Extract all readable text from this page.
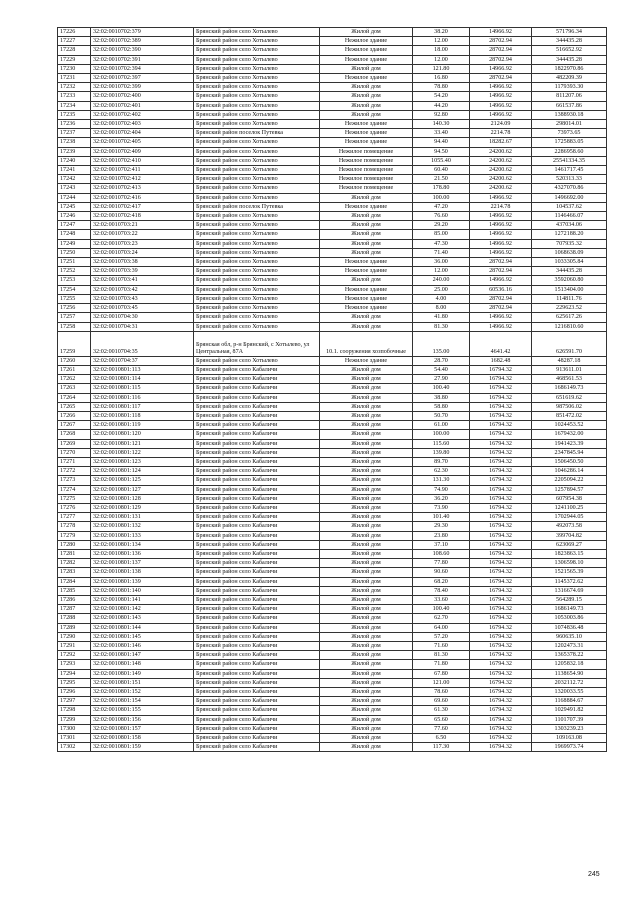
17226	32:02:0010702:379	Брянский район село Хотылево	Жилой дом	38.20	14966.92	571796.34
17227	32:02:0010702:389	Брянский район село Хотылево	Нежилое здание	12.00	28702.94	344435.28
17228	32:02:0010702:390	Брянский район село Хотылево	Нежилое здание	18.00	28702.94	516652.92
17229	32:02:0010702:391	Брянский район село Хотылево	Нежилое здание	12.00	28702.94	344435.28
17230	32:02:0010702:394	Брянский район село Хотылево	Жилой дом	121.80	14966.92	1822970.86
17231	32:02:0010702:397	Брянский район село Хотылево	Нежилое здание	16.80	28702.94	482209.39
17232	32:02:0010702:399	Брянский район село Хотылево	Жилой дом	78.80	14966.92	1179393.30
17233	32:02:0010702:400	Брянский район село Хотылево	Жилой дом	54.20	14966.92	811207.06
17234	32:02:0010702:401	Брянский район село Хотылево	Жилой дом	44.20	14966.92	661537.86
17235	32:02:0010702:402	Брянский район село Хотылево	Жилой дом	92.80	14966.92	1388930.18
17236	32:02:0010702:403	Брянский район село Хотылево	Нежилое здание	140.30	2124.09	298014.01
17237	32:02:0010702:404	Брянский район поселок Путевка	Нежилое здание	33.40	2214.78	73973.65
17238	32:02:0010702:405	Брянский район село Хотылево	Нежилое здание	94.40	18282.67	1725883.05
17239	32:02:0010702:409	Брянский район село Хотылево	Нежилое помещение	94.50	24200.62	2286958.60
17240	32:02:0010702:410	Брянский район село Хотылево	Нежилое помещение	1055.40	24200.62	25541334.35
17241	32:02:0010702:411	Брянский район село Хотылево	Нежилое помещение	60.40	24200.62	1461717.45
17242	32:02:0010702:412	Брянский район село Хотылево	Нежилое помещение	21.50	24200.62	520313.33
17243	32:02:0010702:413	Брянский район село Хотылево	Нежилое помещение	178.80	24200.62	4327070.86
17244	32:02:0010702:416	Брянский район село Хотылево	Жилой дом	100.00	14966.92	1496692.00
17245	32:02:0010702:417	Брянский район поселок Путевка	Нежилое здание	47.20	2214.78	104537.62
17246	32:02:0010702:418	Брянский район село Хотылево	Жилой дом	76.60	14966.92	1146466.07
17247	32:02:0010703:21	Брянский район село Хотылево	Жилой дом	29.20	14966.92	437034.06
17248	32:02:0010703:22	Брянский район село Хотылево	Жилой дом	85.00	14966.92	1272188.20
17249	32:02:0010703:23	Брянский район село Хотылево	Жилой дом	47.30	14966.92	707935.32
17250	32:02:0010703:24	Брянский район село Хотылево	Жилой дом	71.40	14966.92	1068638.09
17251	32:02:0010703:38	Брянский район село Хотылево	Нежилое здание	36.00	28702.94	1033305.84
17252	32:02:0010703:39	Брянский район село Хотылево	Нежилое здание	12.00	28702.94	344435.28
17253	32:02:0010703:41	Брянский район село Хотылево	Жилой дом	240.00	14966.92	3592060.80
17254	32:02:0010703:42	Брянский район село Хотылево	Нежилое здание	25.00	60536.16	1513404.00
17255	32:02:0010703:43	Брянский район село Хотылево	Нежилое здание	4.00	28702.94	114811.76
17256	32:02:0010703:45	Брянский район село Хотылево	Нежилое здание	8.00	28702.94	229623.52
17257	32:02:0010704:30	Брянский район село Хотылево	Жилой дом	41.80	14966.92	625617.26
17258	32:02:0010704:31	Брянский район село Хотылево	Жилой дом	81.30	14966.92	1216810.60
17259	32:02:0010704:35	Брянская обл, р-н Брянский, с Хотылево, ул Центральная, 87А	10.1. сооружения хозпобочные	135.00	4641.42	626591.70
17260	32:02:0010704:37	Брянский район село Хотылево	Нежилое здание	28.70	1682.48	48287.18
17261	32:02:0010801:113	Брянский район село Кабаличи	Жилой дом	54.40	16794.32	913611.01
17262	32:02:0010801:114	Брянский район село Кабаличи	Жилой дом	27.90	16794.32	468561.53
17263	32:02:0010801:115	Брянский район село Кабаличи	Жилой дом	100.40	16794.32	1686149.73
17264	32:02:0010801:116	Брянский район село Кабаличи	Жилой дом	38.80	16794.32	651619.62
17265	32:02:0010801:117	Брянский район село Кабаличи	Жилой дом	58.80	16794.32	987506.02
17266	32:02:0010801:118	Брянский район село Кабаличи	Жилой дом	50.70	16794.32	851472.02
17267	32:02:0010801:119	Брянский район село Кабаличи	Жилой дом	61.00	16794.32	1024453.52
17268	32:02:0010801:120	Брянский район село Кабаличи	Жилой дом	100.00	16794.32	1679432.00
17269	32:02:0010801:121	Брянский район село Кабаличи	Жилой дом	115.60	16794.32	1941423.39
17270	32:02:0010801:122	Брянский район село Кабаличи	Жилой дом	139.80	16794.32	2347845.94
17271	32:02:0010801:123	Брянский район село Кабаличи	Жилой дом	89.70	16794.32	1506450.50
17272	32:02:0010801:124	Брянский район село Кабаличи	Жилой дом	62.30	16794.32	1046286.14
17273	32:02:0010801:125	Брянский район село Кабаличи	Жилой дом	131.30	16794.32	2205094.22
17274	32:02:0010801:127	Брянский район село Кабаличи	Жилой дом	74.90	16794.32	1257894.57
17275	32:02:0010801:128	Брянский район село Кабаличи	Жилой дом	36.20	16794.32	607954.38
17276	32:02:0010801:129	Брянский район село Кабаличи	Жилой дом	73.90	16794.32	1241100.25
17277	32:02:0010801:131	Брянский район село Кабаличи	Жилой дом	101.40	16794.32	1702944.05
17278	32:02:0010801:132	Брянский район село Кабаличи	Жилой дом	29.30	16794.32	492073.58
17279	32:02:0010801:133	Брянский район село Кабаличи	Жилой дом	23.80	16794.32	399704.82
17280	32:02:0010801:134	Брянский район село Кабаличи	Жилой дом	37.10	16794.32	623069.27
17281	32:02:0010801:136	Брянский район село Кабаличи	Жилой дом	108.60	16794.32	1823863.15
17282	32:02:0010801:137	Брянский район село Кабаличи	Жилой дом	77.80	16794.32	1306598.10
17283	32:02:0010801:138	Брянский район село Кабаличи	Жилой дом	90.60	16794.32	1521565.39
17284	32:02:0010801:139	Брянский район село Кабаличи	Жилой дом	68.20	16794.32	1145372.62
17285	32:02:0010801:140	Брянский район село Кабаличи	Жилой дом	78.40	16794.32	1316674.69
17286	32:02:0010801:141	Брянский район село Кабаличи	Жилой дом	33.60	16794.32	564289.15
17287	32:02:0010801:142	Брянский район село Кабаличи	Жилой дом	100.40	16794.32	1686149.73
17288	32:02:0010801:143	Брянский район село Кабаличи	Жилой дом	62.70	16794.32	1053003.86
17289	32:02:0010801:144	Брянский район село Кабаличи	Жилой дом	64.00	16794.32	1074836.48
17290	32:02:0010801:145	Брянский район село Кабаличи	Жилой дом	57.20	16794.32	960635.10
17291	32:02:0010801:146	Брянский район село Кабаличи	Жилой дом	71.60	16794.32	1202473.31
17292	32:02:0010801:147	Брянский район село Кабаличи	Жилой дом	81.30	16794.32	1365378.22
17293	32:02:0010801:148	Брянский район село Кабаличи	Жилой дом	71.80	16794.32	1205832.18
17294	32:02:0010801:149	Брянский район село Кабаличи	Жилой дом	67.80	16794.32	1138654.90
17295	32:02:0010801:151	Брянский район село Кабаличи	Жилой дом	121.00	16794.32	2032112.72
17296	32:02:0010801:152	Брянский район село Кабаличи	Жилой дом	78.60	16794.32	1320033.55
17297	32:02:0010801:154	Брянский район село Кабаличи	Жилой дом	69.60	16794.32	1168884.67
17298	32:02:0010801:155	Брянский район село Кабаличи	Жилой дом	61.30	16794.32	1029491.82
17299	32:02:0010801:156	Брянский район село Кабаличи	Жилой дом	65.60	16794.32	1101707.39
17300	32:02:0010801:157	Брянский район село Кабаличи	Жилой дом	77.60	16794.32	1303239.23
17301	32:02:0010801:158	Брянский район село Кабаличи	Жилой дом	6.50	16794.32	109163.08
17302	32:02:0010801:159	Брянский район село Кабаличи	Жилой дом	117.30	16794.32	1969973.74
245
